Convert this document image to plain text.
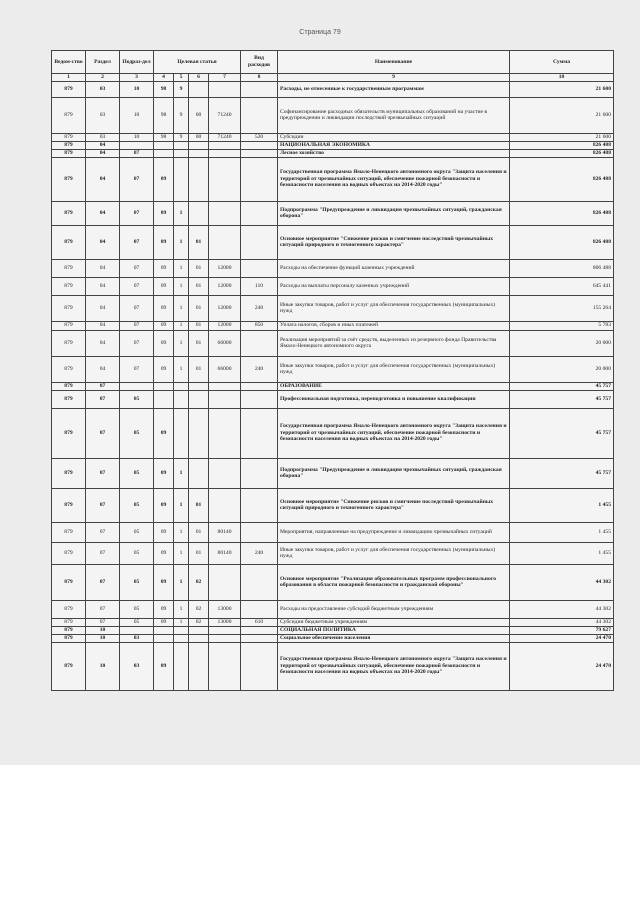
Страница 79
Ведом-ство	Раздел	Подраз-дел	Целевая статья				Вид расходов	Наименование	Сумма
1	2	3	4	5	6	7	8	9	10
879	03	10	98	9				Расходы, не отнесенные к государственным программам	21 600
879	03	10	98	9	00	71240		Софинансирование расходных обязательств муниципальных образований на участие в предупреждении и ликвидации последствий чрезвычайных ситуаций	21 600
879	03	10	98	9	00	71240	520	Субсидии	21 600
879	04							НАЦИОНАЛЬНАЯ ЭКОНОМИКА	826 488
879	04	07						Лесное хозяйство	826 488
879	04	07	09					Государственная программа Ямало-Ненецкого автономного округа "Защита населения и территорий от чрезвычайных ситуаций, обеспечение пожарной безопасности и безопасности населения на водных объектах на 2014-2020 годы"	826 488
879	04	07	09	1				Подпрограмма "Предупреждение и ликвидация чрезвычайных ситуаций, гражданская оборона"	826 488
879	04	07	09	1	01			Основное мероприятие "Снижение рисков и смягчение последствий чрезвычайных ситуаций природного и техногенного характера"	826 488
879	04	07	09	1	01	12000		Расходы на обеспечение функций казенных учреждений	806 488
879	04	07	09	1	01	12000	110	Расходы на выплаты персоналу казенных учреждений	645 441
879	04	07	09	1	01	12000	240	Иные закупки товаров, работ и услуг для обеспечения государственных (муниципальных) нужд	155 264
879	04	07	09	1	01	12000	850	Уплата налогов, сборов и иных платежей	5 783
879	04	07	09	1	01	66000		Реализация мероприятий за счёт средств, выделенных из резервного фонда Правительства Ямало-Ненецкого автономного округа	20 000
879	04	07	09	1	01	66000	240	Иные закупки товаров, работ и услуг для обеспечения государственных (муниципальных) нужд	20 000
879	07							ОБРАЗОВАНИЕ	45 757
879	07	05						Профессиональная подготовка, переподготовка и повышение квалификации	45 757
879	07	05	09					Государственная программа Ямало-Ненецкого автономного округа "Защита населения и территорий от чрезвычайных ситуаций, обеспечение пожарной безопасности и безопасности населения на водных объектах на 2014-2020 годы"	45 757
879	07	05	09	1				Подпрограмма "Предупреждение и ликвидация чрезвычайных ситуаций, гражданская оборона"	45 757
879	07	05	09	1	01			Основное мероприятие "Снижение рисков и смягчение последствий чрезвычайных ситуаций природного и техногенного характера"	1 455
879	07	05	09	1	01	80140		Мероприятия, направленные на предупреждение и ликвидацию чрезвычайных ситуаций	1 455
879	07	05	09	1	01	80140	240	Иные закупки товаров, работ и услуг для обеспечения государственных (муниципальных) нужд	1 455
879	07	05	09	1	02			Основное мероприятие "Реализация образовательных программ профессионального образования в области пожарной безопасности и гражданской обороны"	44 302
879	07	05	09	1	02	13000		Расходы на предоставление субсидий бюджетным учреждениям	44 302
879	07	05	09	1	02	13000	610	Субсидии бюджетным учреждениям	44 302
879	10							СОЦИАЛЬНАЯ ПОЛИТИКА	79 627
879	10	03						Социальное обеспечение населения	24 470
879	10	03	09					Государственная программа Ямало-Ненецкого автономного округа "Защита населения и территорий от чрезвычайных ситуаций, обеспечение пожарной безопасности и безопасности населения на водных объектах на 2014-2020 годы"	24 470
